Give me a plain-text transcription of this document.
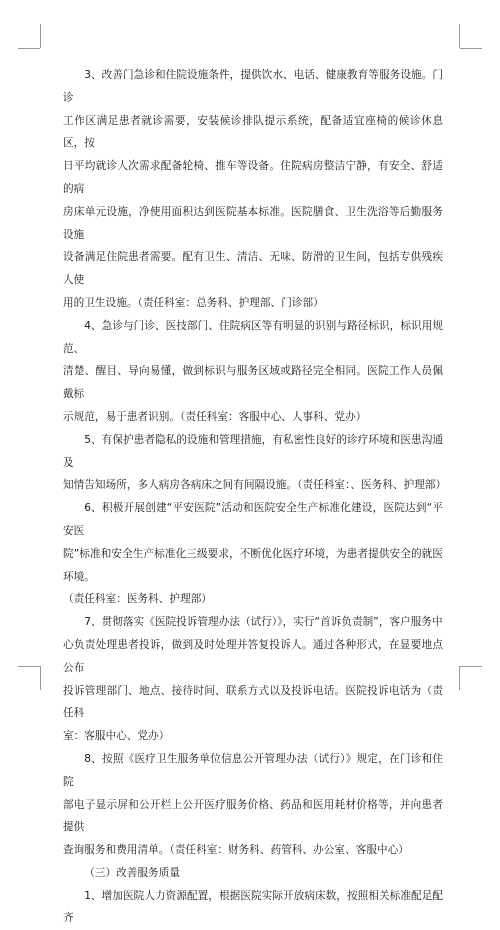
3、改善门急诊和住院设施条件，提供饮水、电话、健康教育等服务设施。门诊
工作区满足患者就诊需要，安装候诊排队提示系统，配备适宜座椅的候诊休息区，按
日平均就诊人次需求配备轮椅、推车等设备。住院病房整洁宁静，有安全、舒适的病
房床单元设施，净使用面积达到医院基本标准。医院膳食、卫生洗浴等后勤服务设施
设备满足住院患者需要。配有卫生、清洁、无味、防滑的卫生间，包括专供残疾人使
用的卫生设施。（责任科室：总务科、护理部、门诊部）
4、急诊与门诊、医技部门、住院病区等有明显的识别与路径标识，标识用规范、
清楚、醒目、导向易懂，做到标识与服务区域或路径完全相同。医院工作人员佩戴标
示规范，易于患者识别。（责任科室：客服中心、人事科、党办）
5、有保护患者隐私的设施和管理措施，有私密性良好的诊疗环境和医患沟通及
知情告知场所，多人病房各病床之间有间隔设施。（责任科室：、医务科、护理部）
6、积极开展创建“平安医院”活动和医院安全生产标准化建设，医院达到“平安医
院”标准和安全生产标准化三级要求，不断优化医疗环境，为患者提供安全的就医环境。
（责任科室：医务科、护理部）
7、贯彻落实《医院投诉管理办法（试行）》，实行“首诉负责制”，客户服务中
心负责处理患者投诉，做到及时处理并答复投诉人。通过各种形式，在显要地点公布
投诉管理部门、地点、接待时间、联系方式以及投诉电话。医院投诉电话为（责任科
室：客服中心、党办）
8、按照《医疗卫生服务单位信息公开管理办法（试行）》规定，在门诊和住院
部电子显示屏和公开栏上公开医疗服务价格、药品和医用耗材价格等，并向患者提供
查询服务和费用清单。（责任科室：财务科、药管科、办公室、客服中心）
（三）改善服务质量
1、增加医院人力资源配置，根据医院实际开放病床数，按照相关标准配足配齐
